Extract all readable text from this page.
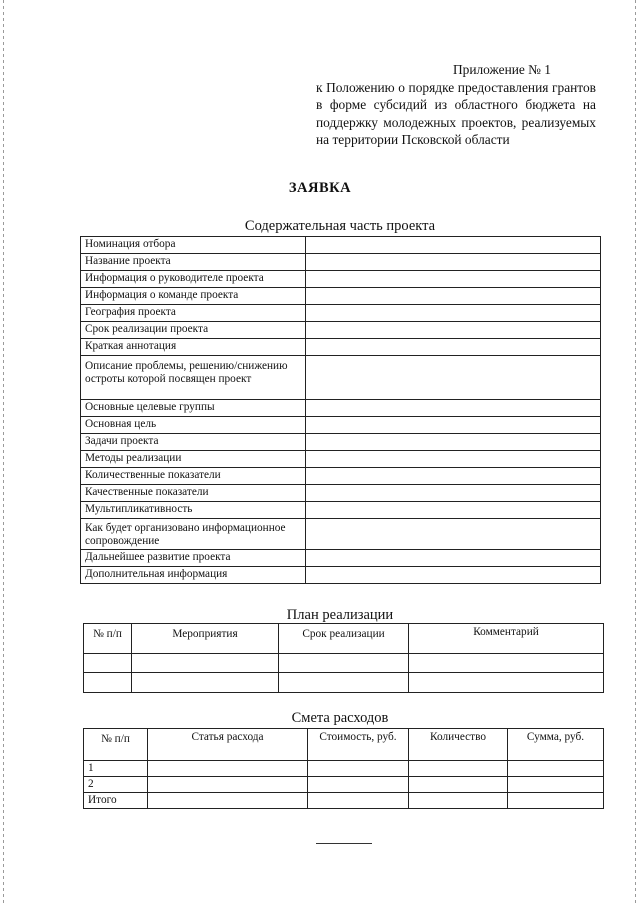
Приложение № 1
к Положению о порядке предоставления грантов в форме субсидий из областного бюджета на поддержку молодежных проектов, реализуемых на территории Псковской области
ЗАЯВКА
Содержательная часть проекта
Номинация отбора	
Название проекта	
Информация о руководителе проекта	
Информация о команде проекта	
География проекта	
Срок реализации проекта	
Краткая аннотация	
Описание проблемы, решению/снижению остроты которой посвящен проект	
Основные целевые группы	
Основная цель	
Задачи проекта	
Методы реализации	
Количественные показатели	
Качественные показатели	
Мультипликативность	
Как будет организовано информационное сопровождение	
Дальнейшее развитие проекта	
Дополнительная информация	
План реализации
№ п/п	Мероприятия	Срок реализации	Комментарий

Смета расходов
№ п/п	Статья расхода	Стоимость, руб.	Количество	Сумма, руб.
1				
2				
Итого				
